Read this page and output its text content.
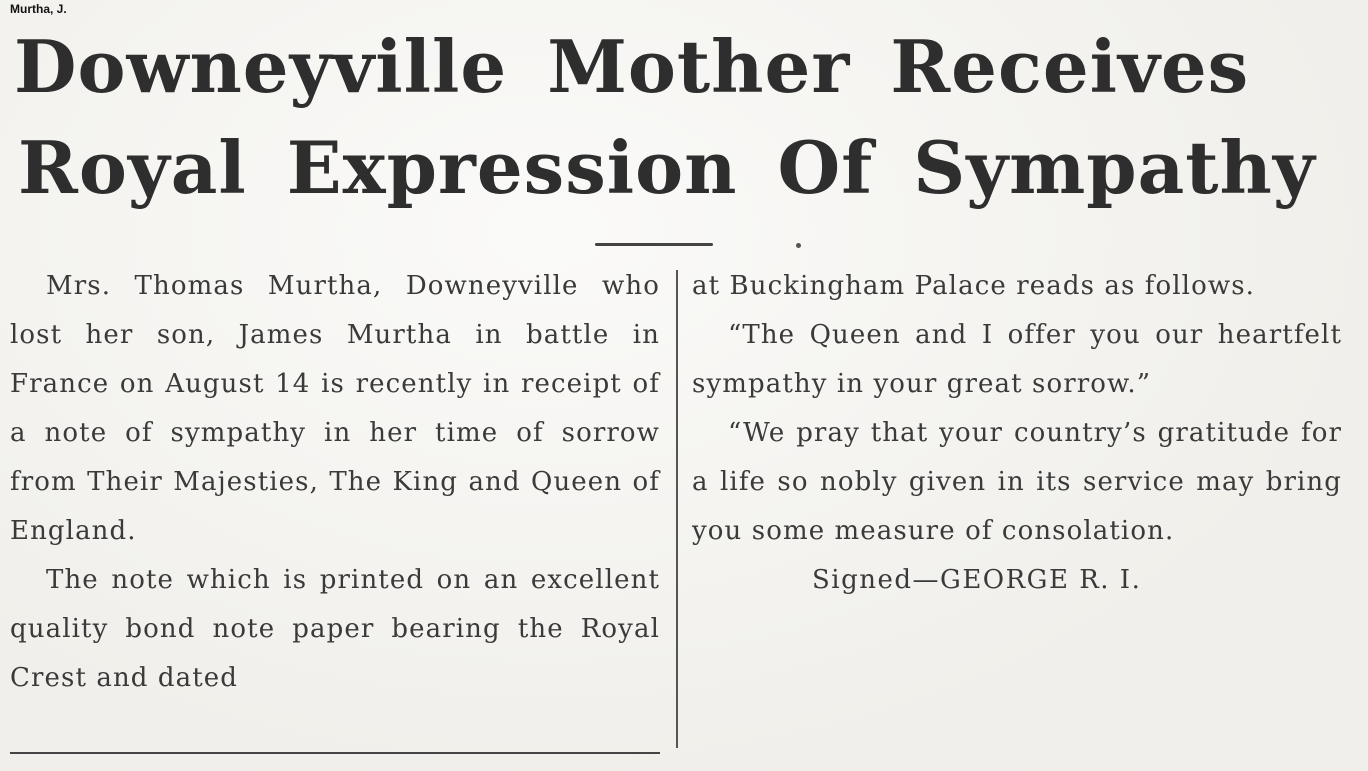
Murtha, J.
Downeyville Mother Receives
Royal Expression Of Sympathy

Mrs. Thomas Murtha, Downeyville who lost her son, James Murtha in battle in France on August 14 is recently in receipt of a note of sympathy in her time of sorrow from Their Majesties, The King and Queen of England.

The note which is printed on an excellent quality bond note paper bearing the Royal Crest and dated

at Buckingham Palace reads as follows.

“The Queen and I offer you our heartfelt sympathy in your great sorrow.”

“We pray that your country’s gratitude for a life so nobly given in its service may bring you some measure of consolation.

Signed—GEORGE R. I.
